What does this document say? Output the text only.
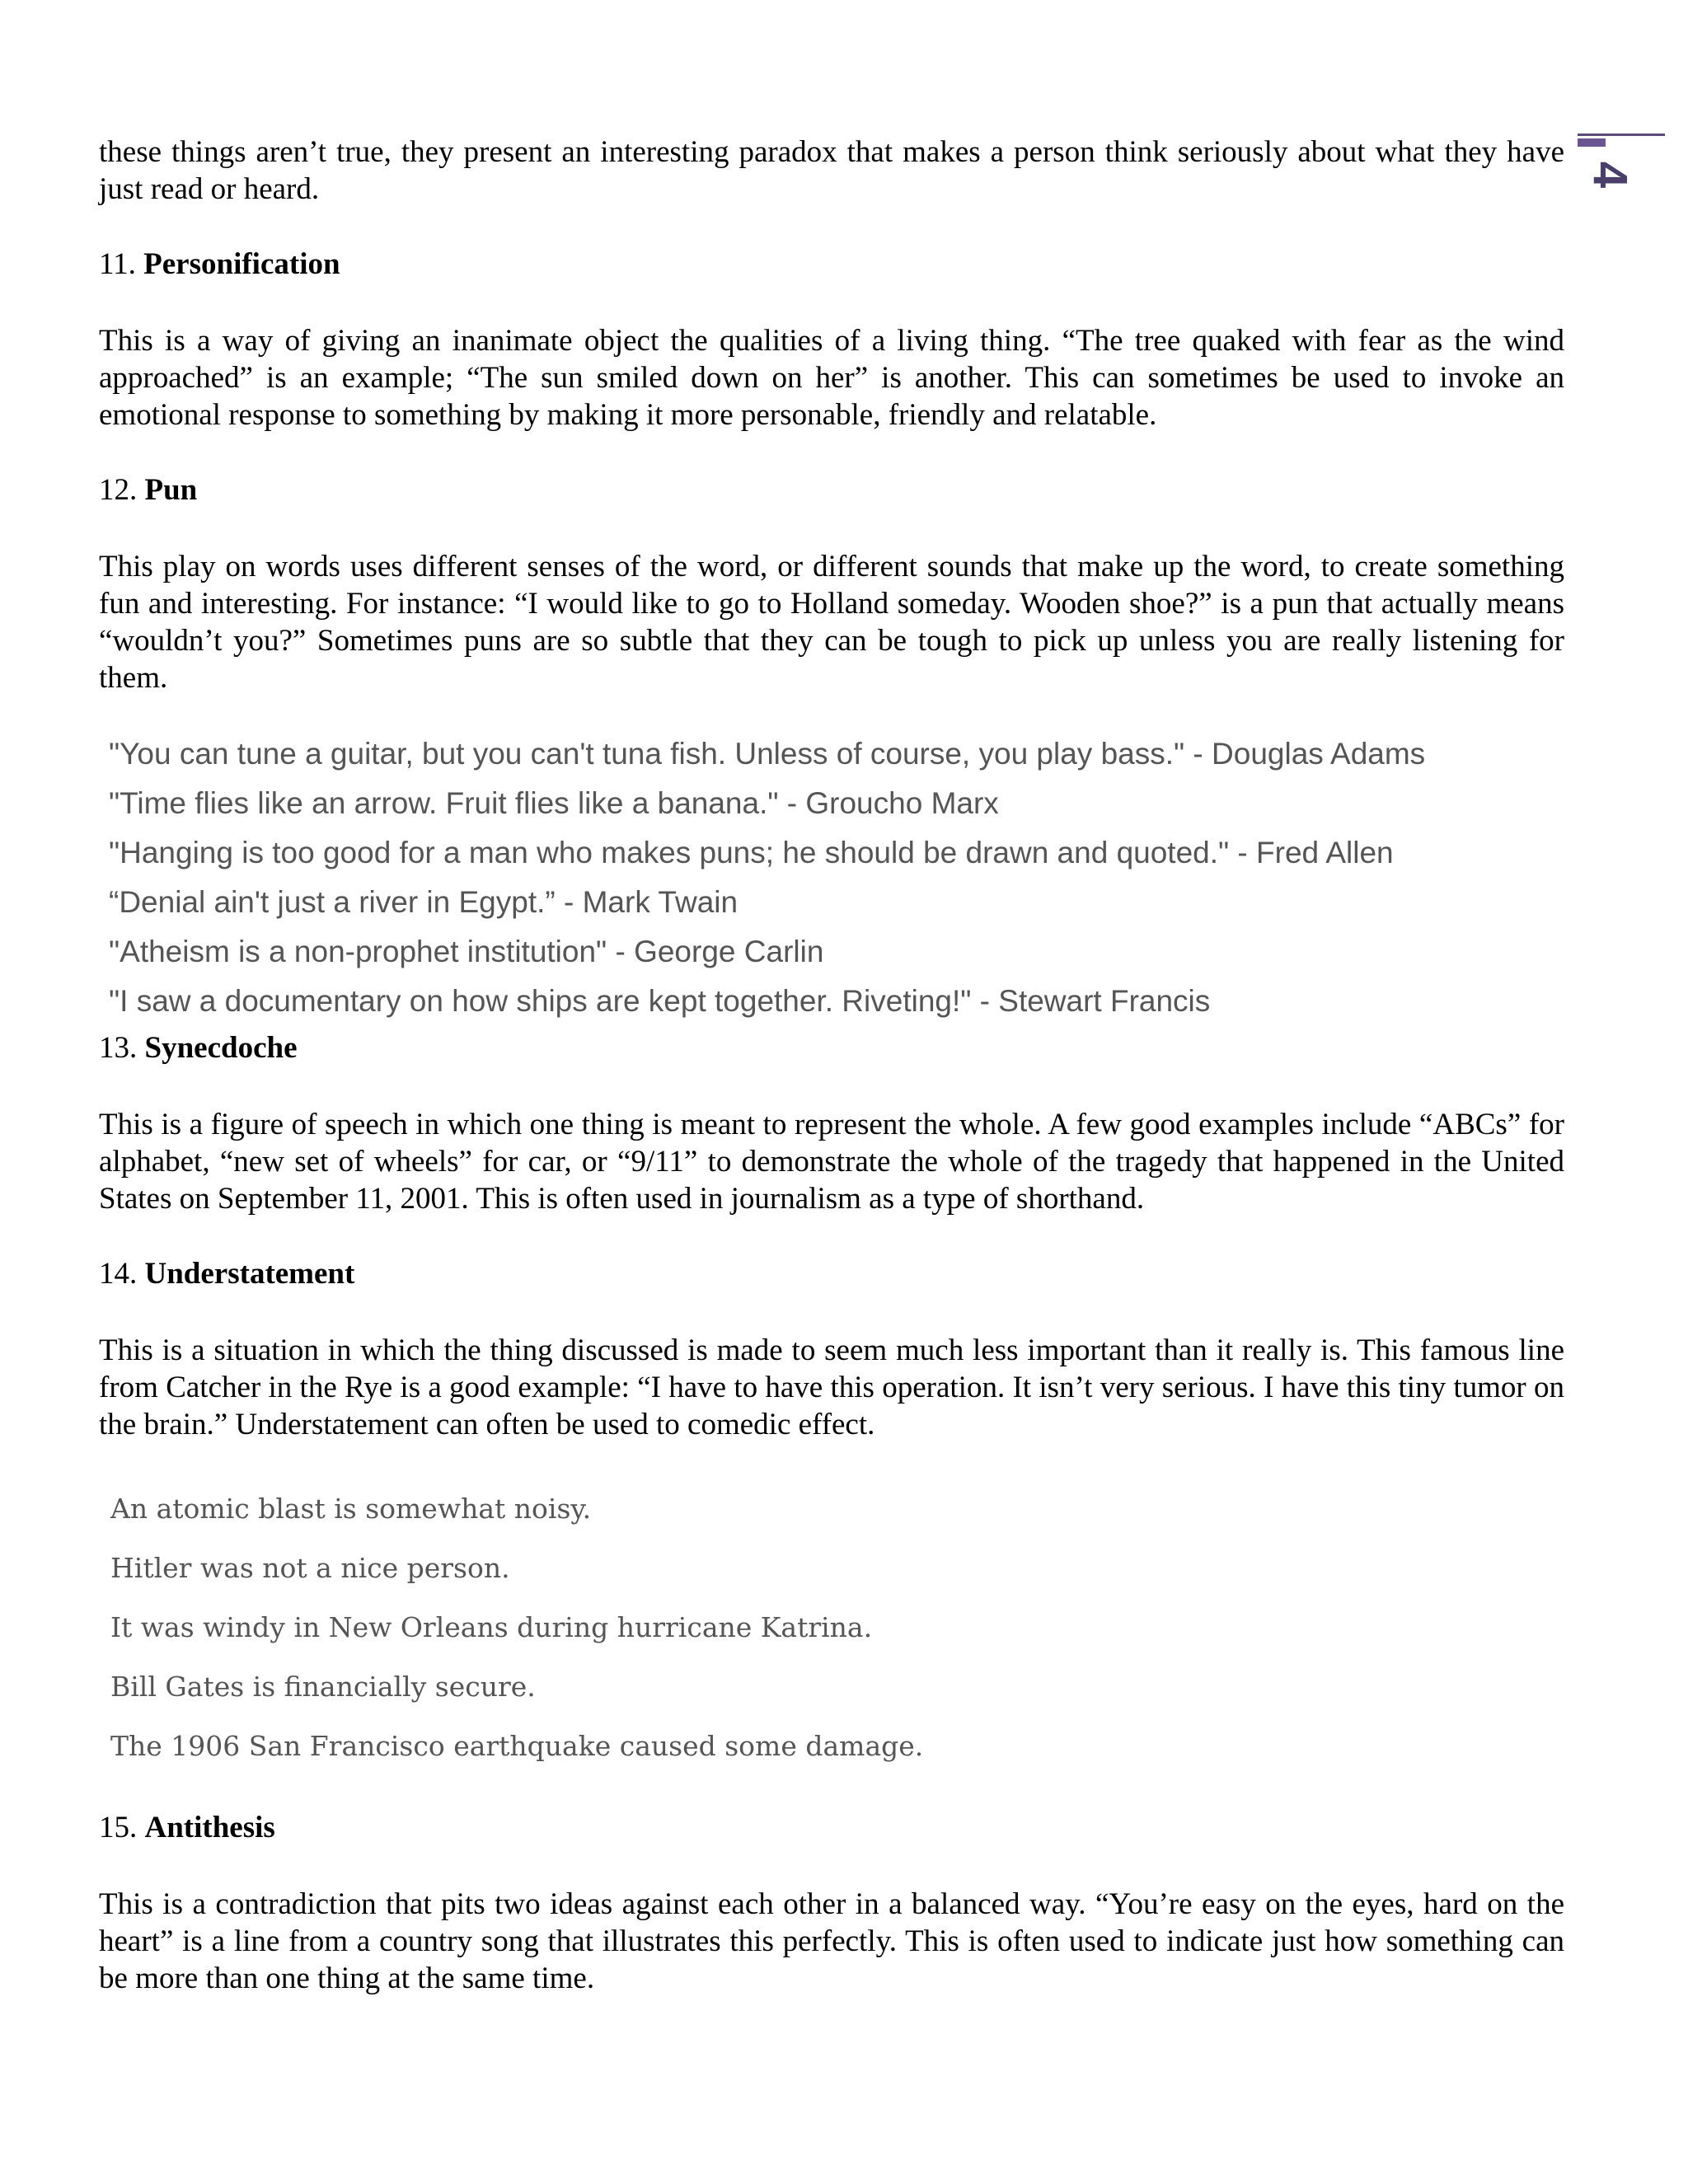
4

these things aren’t true, they present an interesting paradox that makes a person think seriously about what they have just read or heard.

11. Personification

This is a way of giving an inanimate object the qualities of a living thing. “The tree quaked with fear as the wind approached” is an example; “The sun smiled down on her” is another. This can sometimes be used to invoke an emotional response to something by making it more personable, friendly and relatable.

12. Pun

This play on words uses different senses of the word, or different sounds that make up the word, to create something fun and interesting. For instance: “I would like to go to Holland someday. Wooden shoe?” is a pun that actually means “wouldn’t you?” Sometimes puns are so subtle that they can be tough to pick up unless you are really listening for them.

"You can tune a guitar, but you can't tuna fish. Unless of course, you play bass." - Douglas Adams
"Time flies like an arrow. Fruit flies like a banana." - Groucho Marx
"Hanging is too good for a man who makes puns; he should be drawn and quoted." - Fred Allen
“Denial ain't just a river in Egypt.” - Mark Twain
"Atheism is a non-prophet institution" - George Carlin
"I saw a documentary on how ships are kept together. Riveting!" - Stewart Francis
13. Synecdoche

This is a figure of speech in which one thing is meant to represent the whole. A few good examples include “ABCs” for alphabet, “new set of wheels” for car, or “9/11” to demonstrate the whole of the tragedy that happened in the United States on September 11, 2001. This is often used in journalism as a type of shorthand.

14. Understatement

This is a situation in which the thing discussed is made to seem much less important than it really is. This famous line from Catcher in the Rye is a good example: “I have to have this operation. It isn’t very serious. I have this tiny tumor on the brain.” Understatement can often be used to comedic effect.

An atomic blast is somewhat noisy.
Hitler was not a nice person.
It was windy in New Orleans during hurricane Katrina.
Bill Gates is financially secure.
The 1906 San Francisco earthquake caused some damage.
15. Antithesis

This is a contradiction that pits two ideas against each other in a balanced way. “You’re easy on the eyes, hard on the heart” is a line from a country song that illustrates this perfectly. This is often used to indicate just how something can be more than one thing at the same time.
